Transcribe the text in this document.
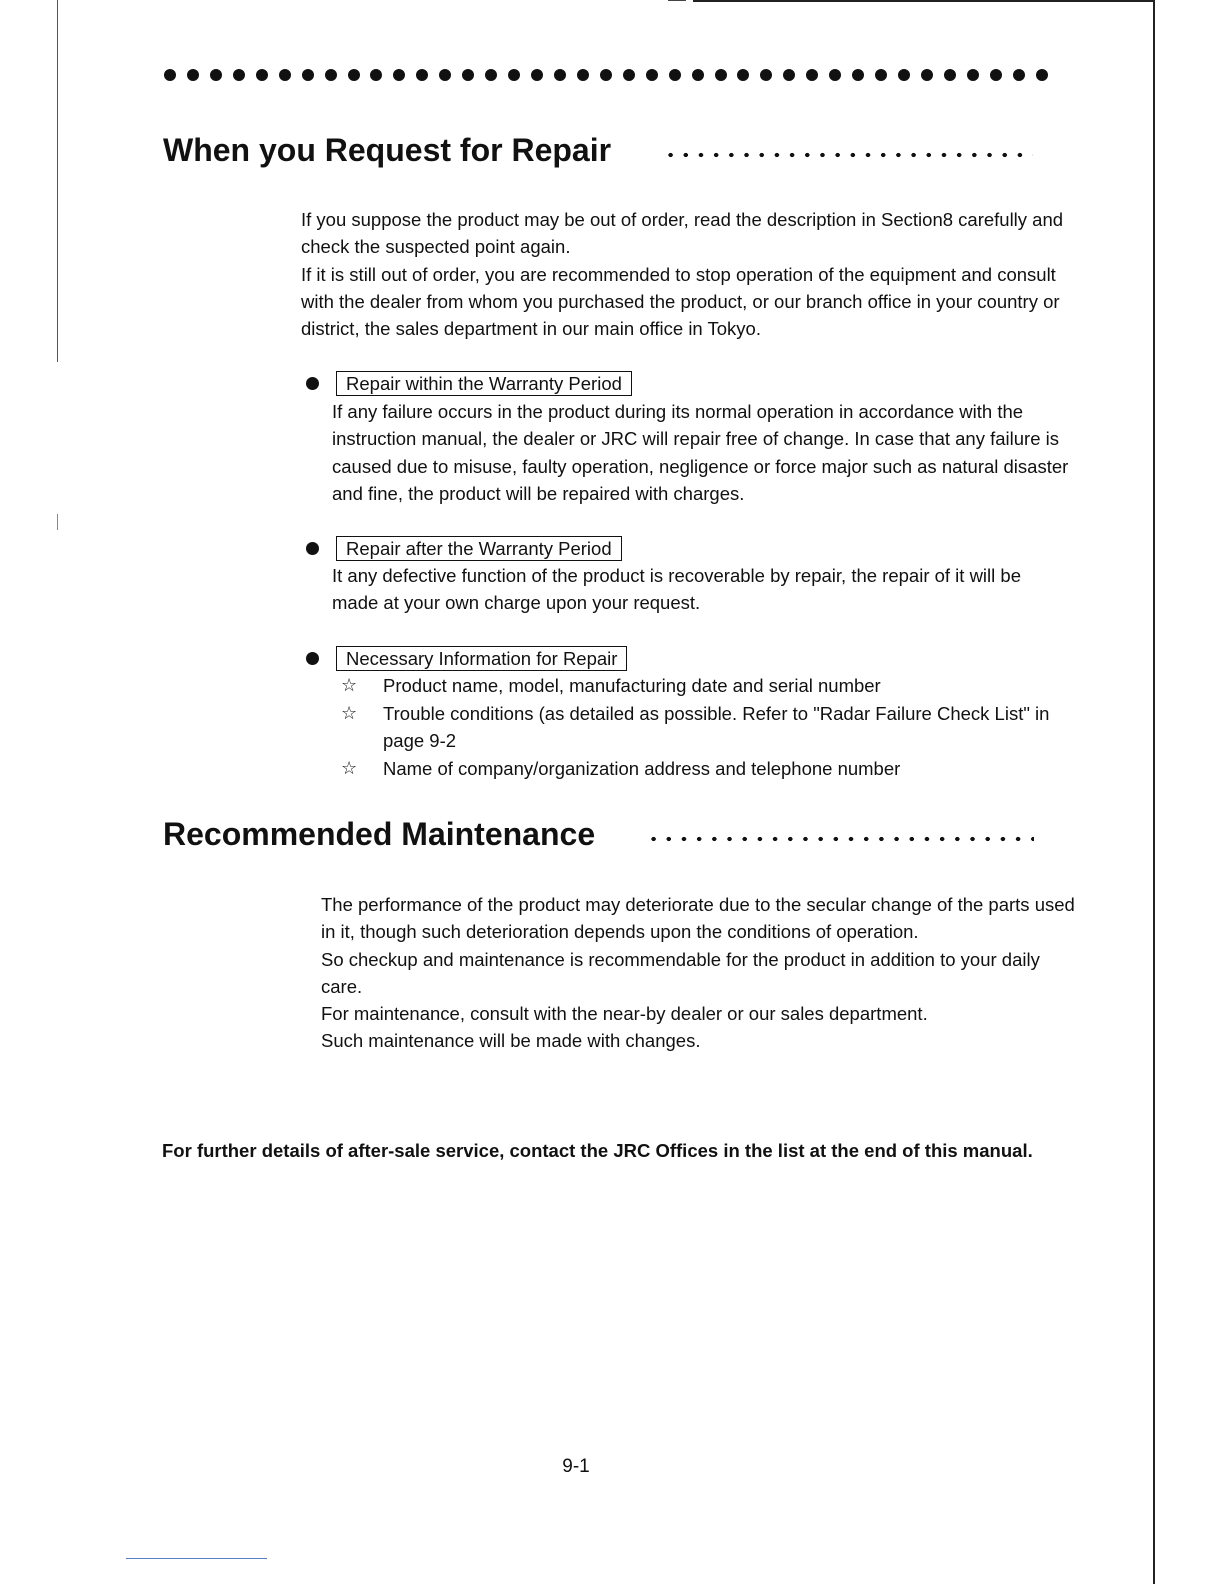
When you Request for Repair

If you suppose the product may be out of order, read the description in Section8 carefully and check the suspected point again.

If it is still out of order, you are recommended to stop operation of the equipment and consult with the dealer from whom you purchased the product, or our branch office in your country or district, the sales department in our main office in Tokyo.

Repair within the Warranty Period
If any failure occurs in the product during its normal operation in accordance with the instruction manual, the dealer or JRC will repair free of change. In case that any failure is caused due to misuse, faulty operation, negligence or force major such as natural disaster and fine, the product will be repaired with charges.
Repair after the Warranty Period
It any defective function of the product is recoverable by repair, the repair of it will be made at your own charge upon your request.
Necessary Information for Repair
☆ Product name, model, manufacturing date and serial number
☆ Trouble conditions (as detailed as possible. Refer to "Radar Failure Check List" in page 9-2
☆ Name of company/organization address and telephone number
Recommended Maintenance

The performance of the product may deteriorate due to the secular change of the parts used in it, though such deterioration depends upon the conditions of operation.

So checkup and maintenance is recommendable for the product in addition to your daily care.

For maintenance, consult with the near-by dealer or our sales department.

Such maintenance will be made with changes.

For further details of after-sale service, contact the JRC Offices in the list at the end of this manual.
9-1
